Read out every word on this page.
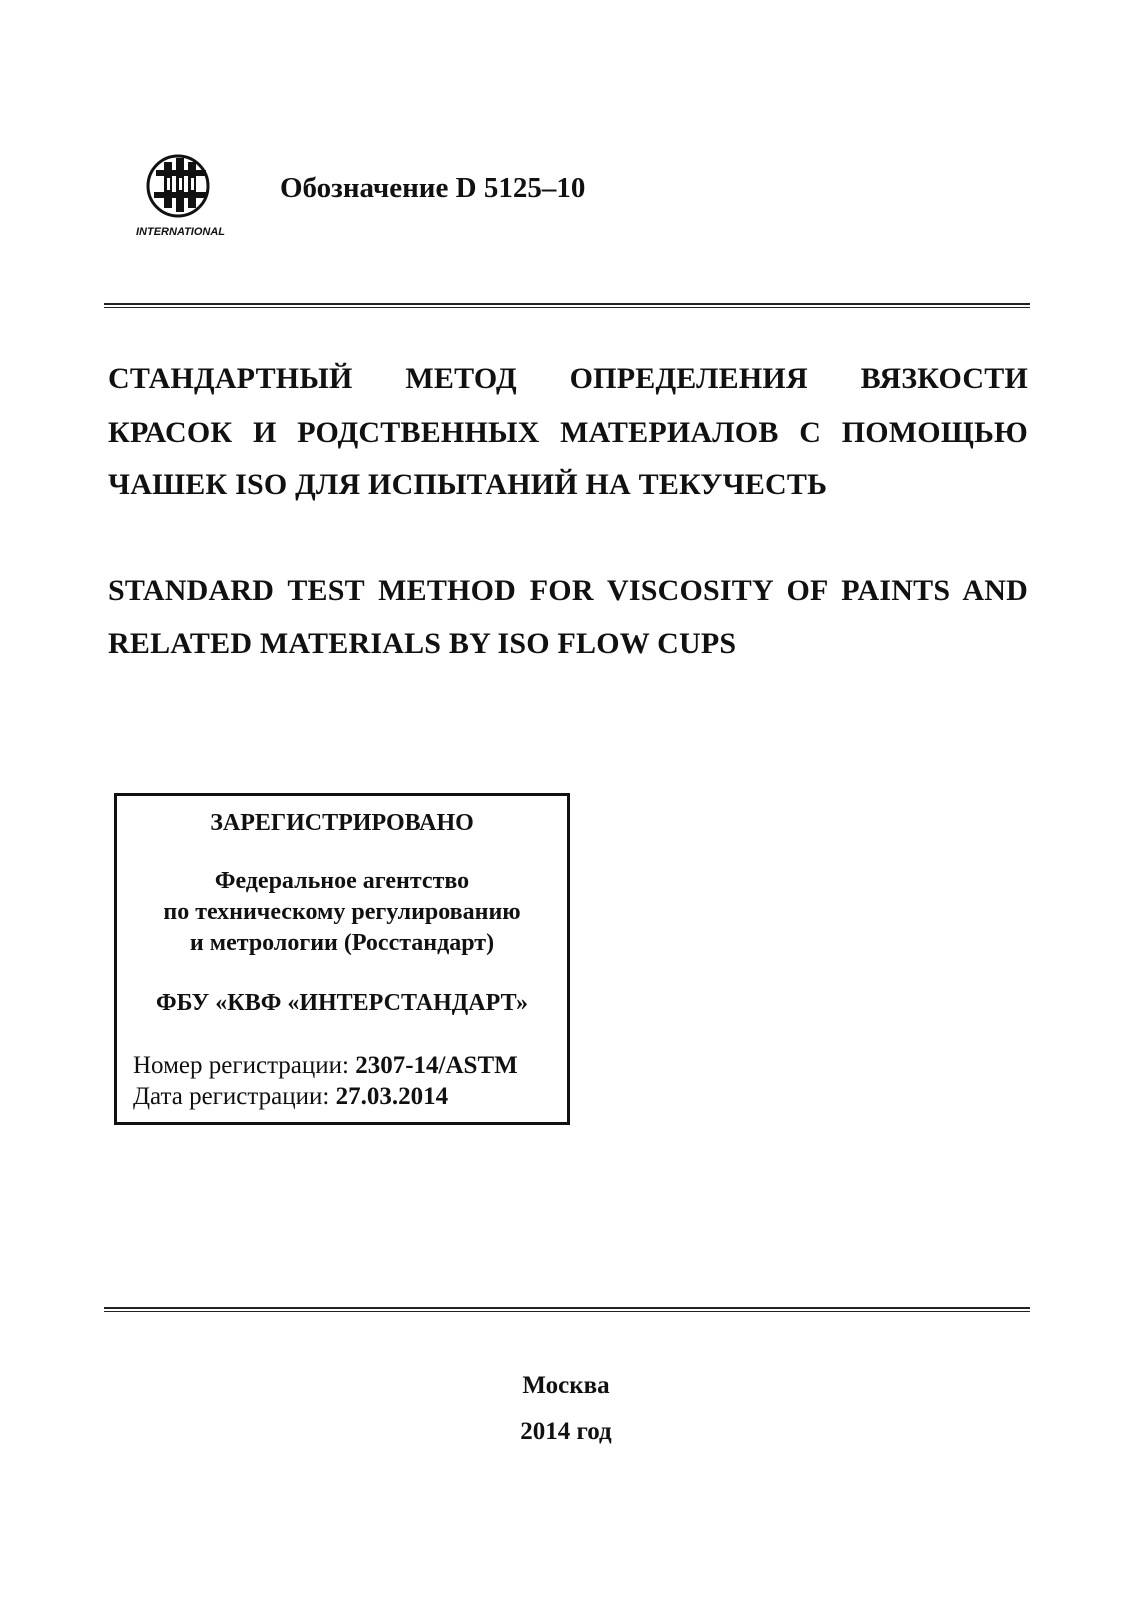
INTERNATIONAL
Обозначение D 5125–10
СТАНДАРТНЫЙ МЕТОД ОПРЕДЕЛЕНИЯ ВЯЗКОСТИ
КРАСОК И РОДСТВЕННЫХ МАТЕРИАЛОВ С ПОМОЩЬЮ
ЧАШЕК ISO ДЛЯ ИСПЫТАНИЙ НА ТЕКУЧЕСТЬ
STANDARD TEST METHOD FOR VISCOSITY OF PAINTS AND
RELATED MATERIALS BY ISO FLOW CUPS
ЗАРЕГИСТРИРОВАНО
Федеральное агентство
по техническому регулированию
и метрологии (Росстандарт)
ФБУ «КВФ «ИНТЕРСТАНДАРТ»
Номер регистрации: 2307-14/ASTM
Дата регистрации: 27.03.2014
Москва
2014 год
